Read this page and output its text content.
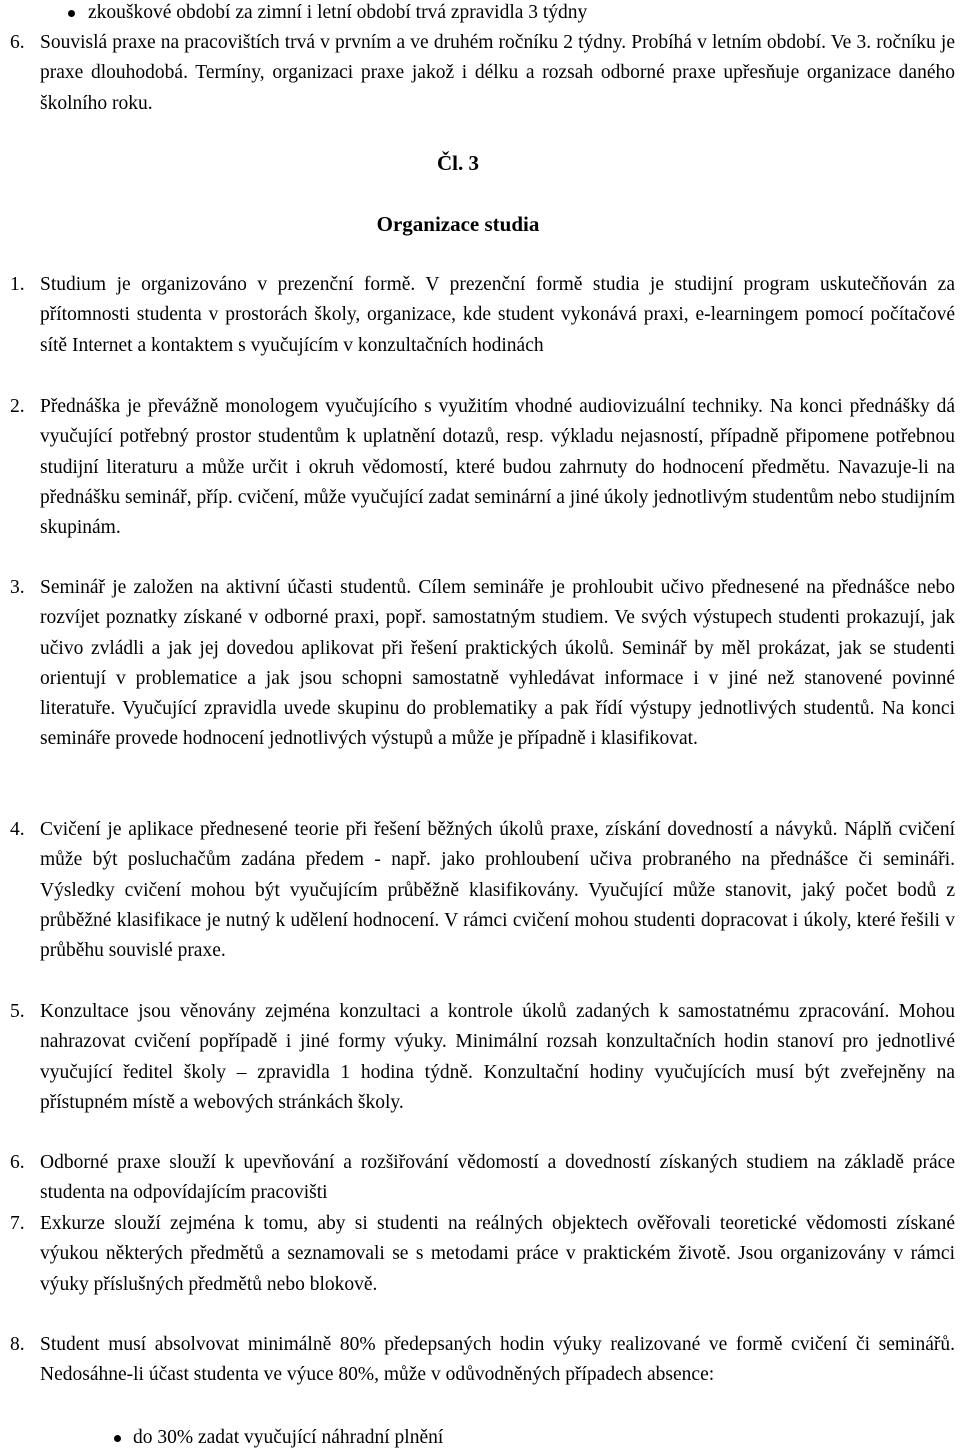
zkouškové období za zimní i letní období trvá zpravidla 3 týdny
6. Souvislá praxe na pracovištích trvá v prvním a ve druhém ročníku 2 týdny. Probíhá v letním období. Ve 3. ročníku je praxe dlouhodobá. Termíny, organizaci praxe jakož i délku a rozsah odborné praxe upřesňuje organizace daného školního roku.
Čl. 3
Organizace studia
1. Studium je organizováno v prezenční formě. V prezenční formě studia je studijní program uskutečňován za přítomnosti studenta v prostorách školy, organizace, kde student vykonává praxi, e-learningem pomocí počítačové sítě Internet a kontaktem s vyučujícím v konzultačních hodinách
2. Přednáška je převážně monologem vyučujícího s využitím vhodné audiovizuální techniky. Na konci přednášky dá vyučující potřebný prostor studentům k uplatnění dotazů, resp. výkladu nejasností, případně připomene potřebnou studijní literaturu a může určit i okruh vědomostí, které budou zahrnuty do hodnocení předmětu. Navazuje-li na přednášku seminář, příp. cvičení, může vyučující zadat seminární a jiné úkoly jednotlivým studentům nebo studijním skupinám.
3. Seminář je založen na aktivní účasti studentů. Cílem semináře je prohloubit učivo přednesené na přednášce nebo rozvíjet poznatky získané v odborné praxi, popř. samostatným studiem. Ve svých výstupech studenti prokazují, jak učivo zvládli a jak jej dovedou aplikovat při řešení praktických úkolů. Seminář by měl prokázat, jak se studenti orientují v problematice a jak jsou schopni samostatně vyhledávat informace i v jiné než stanovené povinné literatuře. Vyučující zpravidla uvede skupinu do problematiky a pak řídí výstupy jednotlivých studentů. Na konci semináře provede hodnocení jednotlivých výstupů a může je případně i klasifikovat.
4. Cvičení je aplikace přednesené teorie při řešení běžných úkolů praxe, získání dovedností a návyků. Náplň cvičení může být posluchačům zadána předem - např. jako prohloubení učiva probraného na přednášce či semináři. Výsledky cvičení mohou být vyučujícím průběžně klasifikovány. Vyučující může stanovit, jaký počet bodů z průběžné klasifikace je nutný k udělení hodnocení. V rámci cvičení mohou studenti dopracovat i úkoly, které řešili v průběhu souvislé praxe.
5. Konzultace jsou věnovány zejména konzultaci a kontrole úkolů zadaných k samostatnému zpracování. Mohou nahrazovat cvičení popřípadě i jiné formy výuky. Minimální rozsah konzultačních hodin stanoví pro jednotlivé vyučující ředitel školy – zpravidla 1 hodina týdně. Konzultační hodiny vyučujících musí být zveřejněny na přístupném místě a webových stránkách školy.
6. Odborné praxe slouží k upevňování a rozšiřování vědomostí a dovedností získaných studiem na základě práce studenta na odpovídajícím pracovišti
7. Exkurze slouží zejména k tomu, aby si studenti na reálných objektech ověřovali teoretické vědomosti získané výukou některých předmětů a seznamovali se s metodami práce v praktickém životě. Jsou organizovány v rámci výuky příslušných předmětů nebo blokově.
8. Student musí absolvovat minimálně 80% předepsaných hodin výuky realizované ve formě cvičení či seminářů. Nedosáhne-li účast studenta ve výuce 80%, může v odůvodněných případech absence:
do 30% zadat vyučující náhradní plnění
